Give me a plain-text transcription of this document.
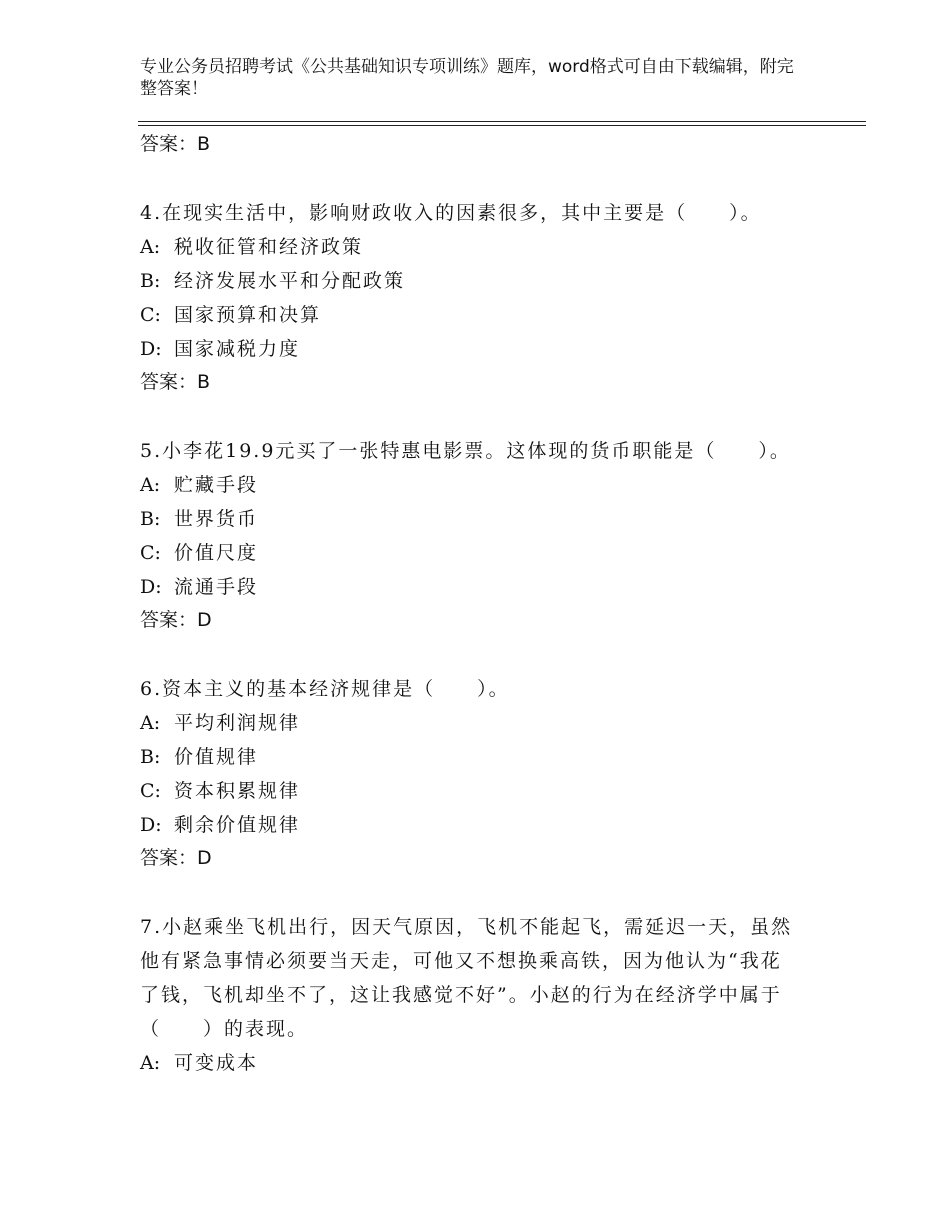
专业公务员招聘考试《公共基础知识专项训练》题库，word格式可自由下载编辑，附完整答案！

答案：B

4.在现实生活中，影响财政收入的因素很多，其中主要是（　　）。

A: 税收征管和经济政策

B: 经济发展水平和分配政策

C: 国家预算和决算

D: 国家减税力度

答案：B

5.小李花19.9元买了一张特惠电影票。这体现的货币职能是（　　）。

A: 贮藏手段

B: 世界货币

C: 价值尺度

D: 流通手段

答案：D

6.资本主义的基本经济规律是（　　）。

A: 平均利润规律

B: 价值规律

C: 资本积累规律

D: 剩余价值规律

答案：D

7.小赵乘坐飞机出行，因天气原因，飞机不能起飞，需延迟一天，虽然他有紧急事情必须要当天走，可他又不想换乘高铁，因为他认为“我花了钱，飞机却坐不了，这让我感觉不好”。小赵的行为在经济学中属于（　　）的表现。

A: 可变成本
